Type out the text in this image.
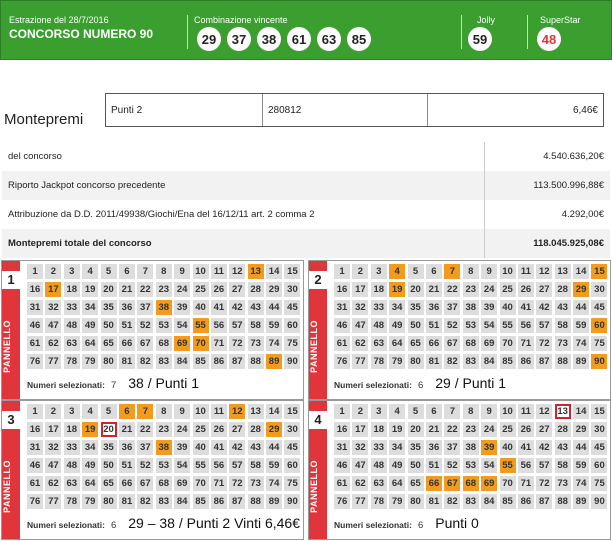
Estrazione del 28/7/2016
CONCORSO NUMERO 90
Combinazione vincente
29	37	38	61	63	85
Jolly
59
SuperStar
48
Montepremi
Punti 2	280812	6,46€
del concorso	4.540.636,20€
Riporto Jackpot concorso precedente	113.500.996,88€
Attribuzione da D.D. 2011/49938/Giochi/Ena del 16/12/11 art. 2 comma 2	4.292,00€
Montepremi totale del concorso	118.045.925,08€
1
PANNELLO
1	2	3	4	5	6	7	8	9	10 11 12 13 14 15
16 17 18 19 20 21 22 23 24 25 26 27 28 29 30
31 32 33 34 35 36 37 38 39 40 41 42 43 44 45
46 47 48 49 50 51 52 53 54 55 56 57 58 59 60
61 62 63 64 65 66 67 68 69 70 71 72 73 74 75
76 77 78 79 80 81 82 83 84 85 86 87 88 89 90
Numeri selezionati: 7 38 / Punti 1
2
PANNELLO
1	2	3	4	5	6	7	8	9	10 11 12 13 14 15
16 17 18 19 20 21 22 23 24 25 26 27 28 29 30
31 32 33 34 35 36 37 38 39 40 41 42 43 44 45
46 47 48 49 50 51 52 53 54 55 56 57 58 59 60
61 62 63 64 65 66 67 68 69 70 71 72 73 74 75
76 77 78 79 80 81 82 83 84 85 86 87 88 89 90
Numeri selezionati: 6 29 / Punti 1
3
PANNELLO
1	2	3	4	5	6	7	8	9	10 11 12 13 14 15
16 17 18 19 20 21 22 23 24 25 26 27 28 29 30
31 32 33 34 35 36 37 38 39 40 41 42 43 44 45
46 47 48 49 50 51 52 53 54 55 56 57 58 59 60
61 62 63 64 65 66 67 68 69 70 71 72 73 74 75
76 77 78 79 80 81 82 83 84 85 86 87 88 89 90
Numeri selezionati: 6 29 – 38 / Punti 2 Vinti 6,46€
4
PANNELLO
1	2	3	4	5	6	7	8	9	10 11 12 13 14 15
16 17 18 19 20 21 22 23 24 25 26 27 28 29 30
31 32 33 34 35 36 37 38 39 40 41 42 43 44 45
46 47 48 49 50 51 52 53 54 55 56 57 58 59 60
61 62 63 64 65 66 67 68 69 70 71 72 73 74 75
76 77 78 79 80 81 82 83 84 85 86 87 88 89 90
Numeri selezionati: 6 Punti 0
